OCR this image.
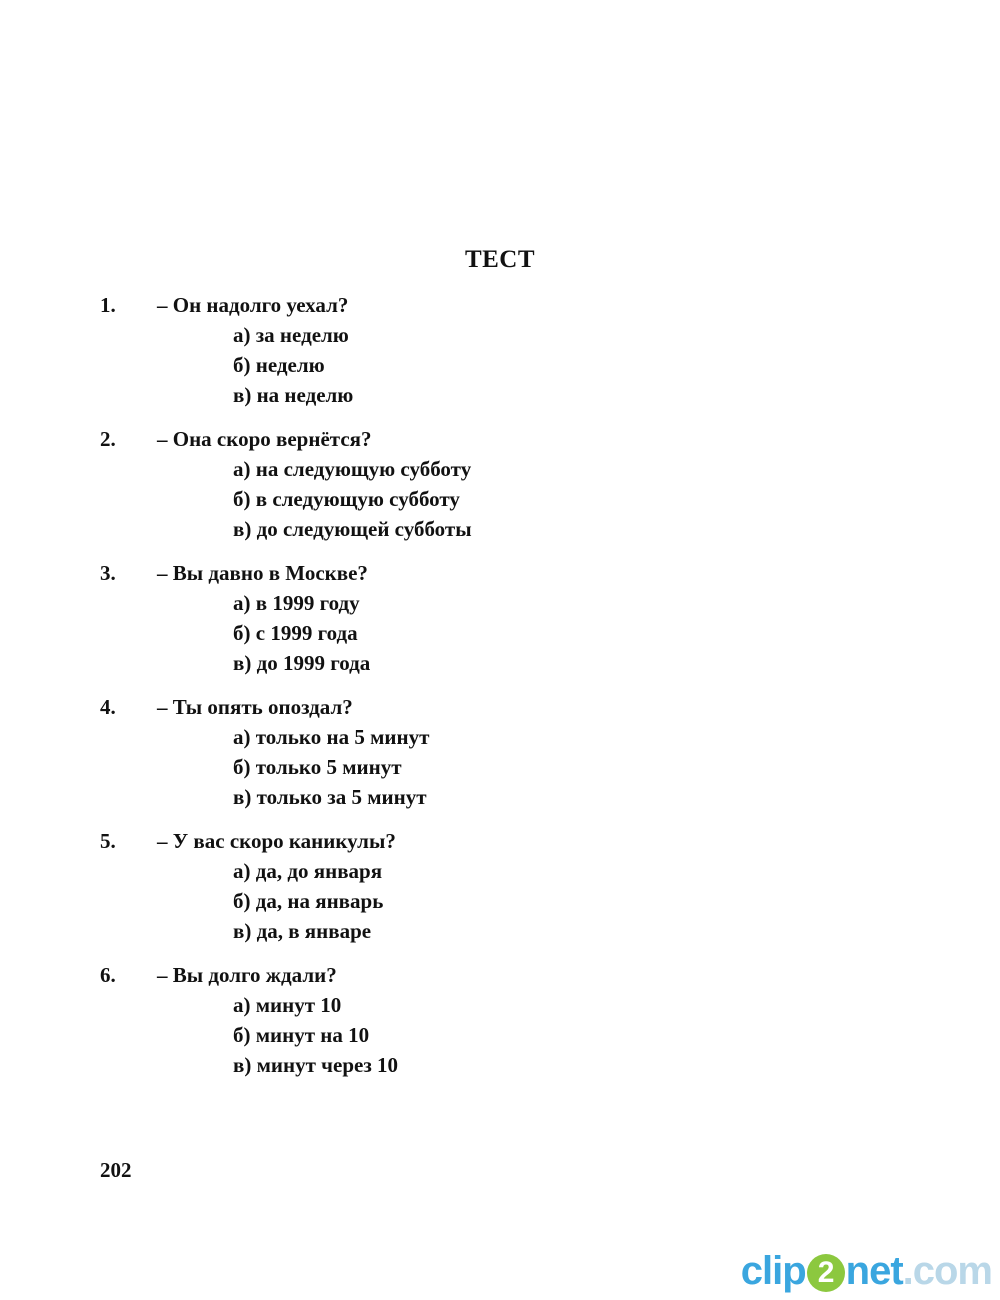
ТЕСТ
1. – Он надолго уехал?
а) за неделю
б) неделю
в) на неделю
2. – Она скоро вернётся?
а) на следующую субботу
б) в следующую субботу
в) до следующей субботы
3. – Вы давно в Москве?
а) в 1999 году
б) с 1999 года
в) до 1999 года
4. – Ты опять опоздал?
а) только на 5 минут
б) только 5 минут
в) только за 5 минут
5. – У вас скоро каникулы?
а) да, до января
б) да, на январь
в) да, в январе
6. – Вы долго ждали?
а) минут 10
б) минут на 10
в) минут через 10
202
clip 2 net.com
